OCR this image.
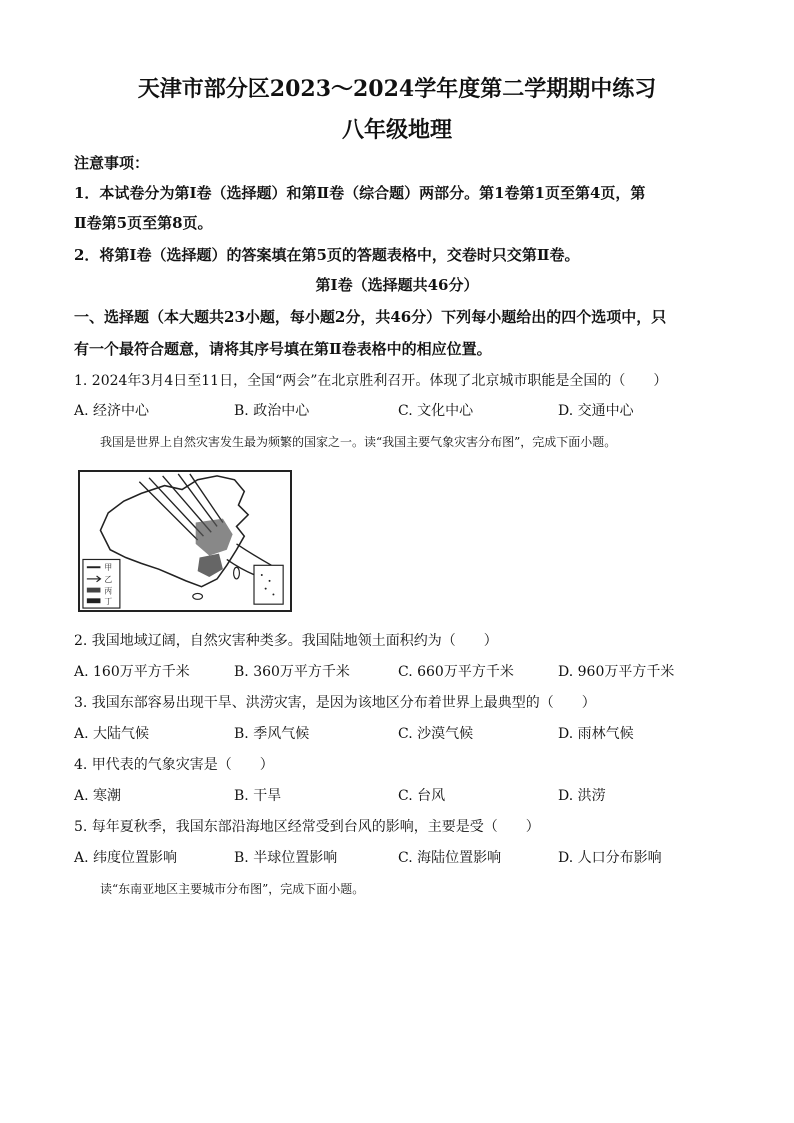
天津市部分区2023～2024学年度第二学期期中练习
八年级地理
注意事项：
1．本试卷分为第Ⅰ卷（选择题）和第Ⅱ卷（综合题）两部分。第1卷第1页至第4页，第
Ⅱ卷第5页至第8页。
2．将第Ⅰ卷（选择题）的答案填在第5页的答题表格中，交卷时只交第Ⅱ卷。
第Ⅰ卷（选择题共46分）
一、选择题（本大题共23小题，每小题2分，共46分）下列每小题给出的四个选项中，只
有一个最符合题意，请将其序号填在第Ⅱ卷表格中的相应位置。
1. 2024年3月4日至11日，全国“两会”在北京胜利召开。体现了北京城市职能是全国的（　　）
A. 经济中心	B. 政治中心	C. 文化中心	D. 交通中心
我国是世界上自然灾害发生最为频繁的国家之一。读“我国主要气象灾害分布图”，完成下面小题。
甲
乙
丙
丁
2. 我国地域辽阔，自然灾害种类多。我国陆地领土面积约为（　　）
A. 160万平方千米	B. 360万平方千米	C. 660万平方千米	D. 960万平方千米
3. 我国东部容易出现干旱、洪涝灾害，是因为该地区分布着世界上最典型的（　　）
A. 大陆气候	B. 季风气候	C. 沙漠气候	D. 雨林气候
4. 甲代表的气象灾害是（　　）
A. 寒潮	B. 干旱	C. 台风	D. 洪涝
5. 每年夏秋季，我国东部沿海地区经常受到台风的影响，主要是受（　　）
A. 纬度位置影响	B. 半球位置影响	C. 海陆位置影响	D. 人口分布影响
读“东南亚地区主要城市分布图”，完成下面小题。
